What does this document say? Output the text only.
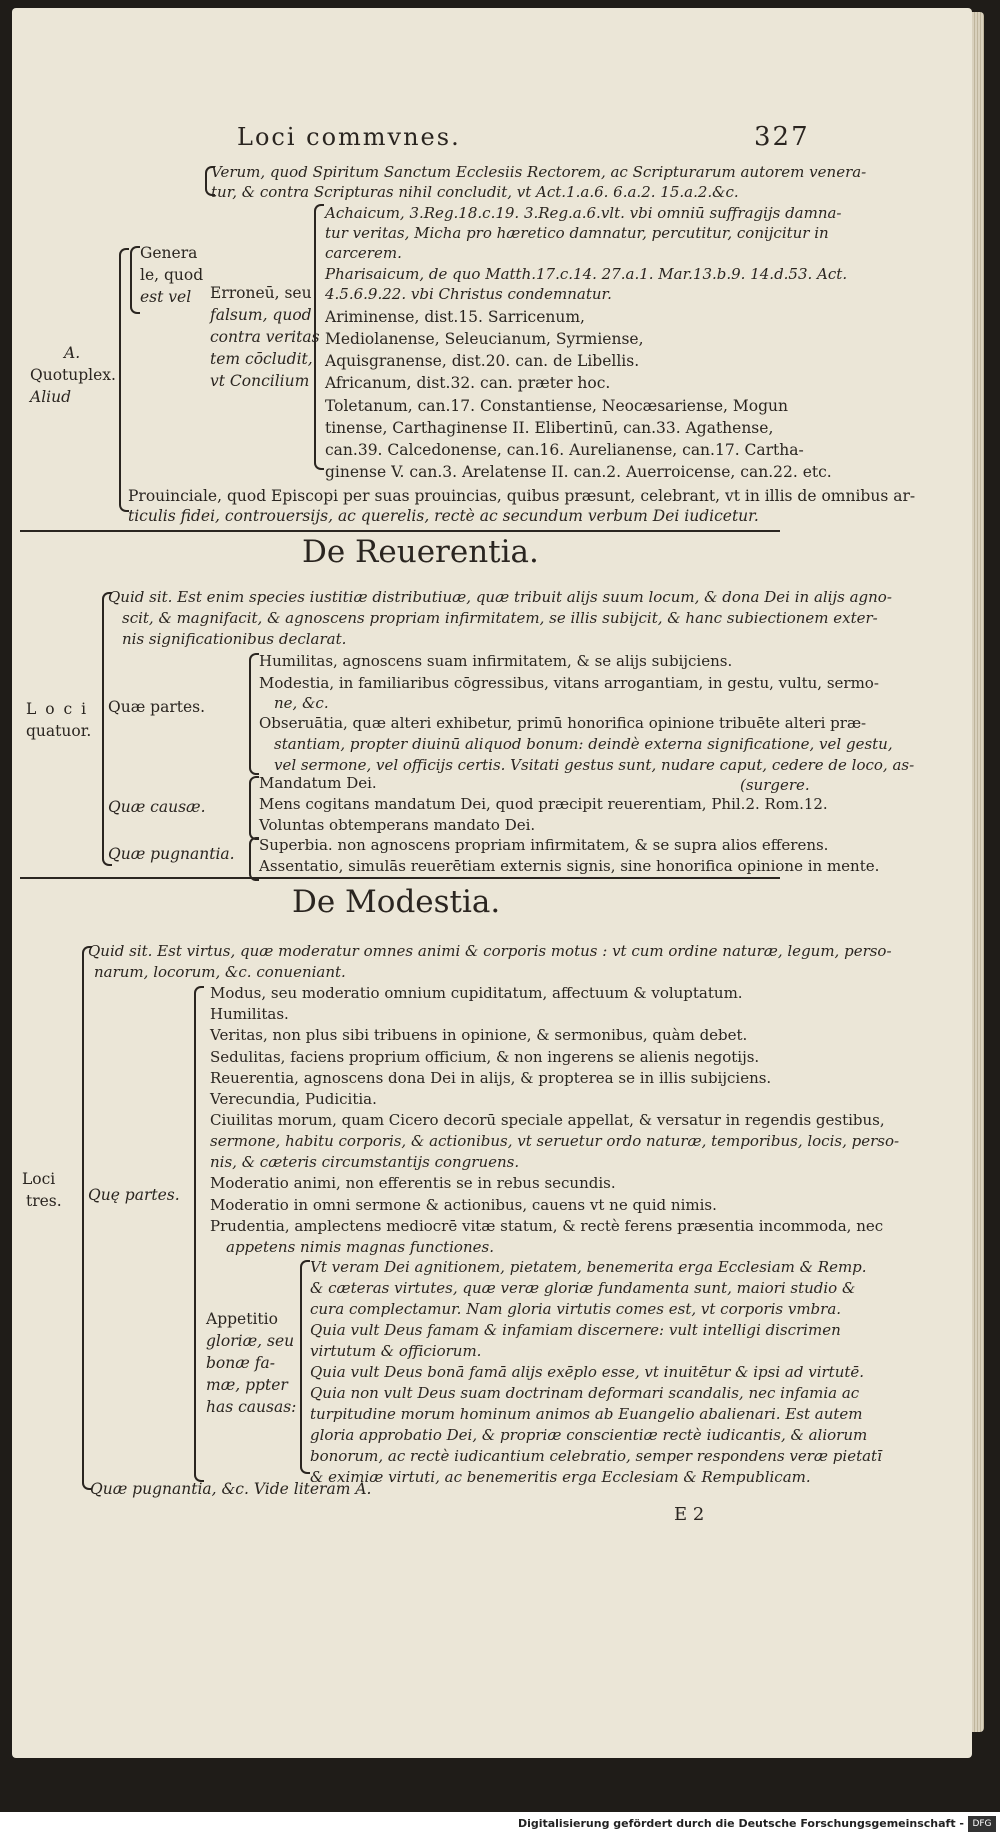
Loci commvnes.	327
Verum, quod Spiritum Sanctum Ecclesiis Rectorem, ac Scripturarum autorem venera-
tur, & contra Scripturas nihil concludit, vt Act.1.a.6. 6.a.2. 15.a.2.&c.
Achaicum, 3.Reg.18.c.19. 3.Reg.a.6.vlt. vbi omniū suffragijs damna-
tur veritas, Micha pro hæretico damnatur, percutitur, conijcitur in
carcerem.
Pharisaicum, de quo Matth.17.c.14. 27.a.1. Mar.13.b.9. 14.d.53. Act.
4.5.6.9.22. vbi Christus condemnatur.
Ariminense, dist.15. Sarricenum,
Mediolanense, Seleucianum, Syrmiense,
Aquisgranense, dist.20. can. de Libellis.
Africanum, dist.32. can. præter hoc.
Toletanum, can.17. Constantiense, Neocæsariense, Mogun
tinense, Carthaginense II. Elibertinū, can.33. Agathense,
can.39. Calcedonense, can.16. Aurelianense, can.17. Cartha-
ginense V. can.3. Arelatense II. can.2. Auerroicense, can.22. etc.
Genera
le, quod
est vel Erroneū, seu
falsum, quod
contra veritas
tem cōcludit,
vt Concilium
A.
Quotuplex.
Aliud
Prouinciale, quod Episcopi per suas prouincias, quibus præsunt, celebrant, vt in illis de omnibus ar-
ticulis fidei, controuersijs, ac querelis, rectè ac secundum verbum Dei iudicetur.
De Reuerentia.
L o c i
quatuor.
Quid sit. Est enim species iustitiæ distributiuæ, quæ tribuit alijs suum locum, & dona Dei in alijs agno-
scit, & magnifacit, & agnoscens propriam infirmitatem, se illis subijcit, & hanc subiectionem exter-
nis significationibus declarat.
Quæ partes.
Humilitas, agnoscens suam infirmitatem, & se alijs subijciens.
Modestia, in familiaribus cōgressibus, vitans arrogantiam, in gestu, vultu, sermo-
ne, &c.
Obseruātia, quæ alteri exhibetur, primū honorifica opinione tribuēte alteri præ-
stantiam, propter diuinū aliquod bonum: deindè externa significatione, vel gestu,
vel sermone, vel officijs certis. Vsitati gestus sunt, nudare caput, cedere de loco, as-
(surgere.
Quæ causæ.
Mandatum Dei.
Mens cogitans mandatum Dei, quod præcipit reuerentiam, Phil.2. Rom.12.
Voluntas obtemperans mandato Dei.
Quæ pugnantia. Superbia. non agnoscens propriam infirmitatem, & se supra alios efferens.
Assentatio, simulās reuerētiam externis signis, sine honorifica opinione in mente.
De Modestia.
Loci
tres.
Quid sit. Est virtus, quæ moderatur omnes animi & corporis motus : vt cum ordine naturæ, legum, perso-
narum, locorum, &c. conueniant.
Quę partes.
Modus, seu moderatio omnium cupiditatum, affectuum & voluptatum.
Humilitas.
Veritas, non plus sibi tribuens in opinione, & sermonibus, quàm debet.
Sedulitas, faciens proprium officium, & non ingerens se alienis negotijs.
Reuerentia, agnoscens dona Dei in alijs, & propterea se in illis subijciens.
Verecundia, Pudicitia.
Ciuilitas morum, quam Cicero decorū speciale appellat, & versatur in regendis gestibus,
sermone, habitu corporis, & actionibus, vt seruetur ordo naturæ, temporibus, locis, perso-
nis, & cæteris circumstantijs congruens.
Moderatio animi, non efferentis se in rebus secundis.
Moderatio in omni sermone & actionibus, cauens vt ne quid nimis.
Prudentia, amplectens mediocrē vitæ statum, & rectè ferens præsentia incommoda, nec
appetens nimis magnas functiones.
Appetitio
gloriæ, seu
bonæ fa-
mæ, ppter
has causas:
Vt veram Dei agnitionem, pietatem, benemerita erga Ecclesiam & Remp.
& cæteras virtutes, quæ veræ gloriæ fundamenta sunt, maiori studio &
cura complectamur. Nam gloria virtutis comes est, vt corporis vmbra.
Quia vult Deus famam & infamiam discernere: vult intelligi discrimen
virtutum & officiorum.
Quia vult Deus bonā famā alijs exēplo esse, vt inuitētur & ipsi ad virtutē.
Quia non vult Deus suam doctrinam deformari scandalis, nec infamia ac
turpitudine morum hominum animos ab Euangelio abalienari. Est autem
gloria approbatio Dei, & propriæ conscientiæ rectè iudicantis, & aliorum
bonorum, ac rectè iudicantium celebratio, semper respondens veræ pietatī
& eximiæ virtuti, ac benemeritis erga Ecclesiam & Rempublicam.
Quæ pugnantia, &c. Vide literam A.
E 2
Digitalisierung gefördert durch die Deutsche Forschungsgemeinschaft - DFG
